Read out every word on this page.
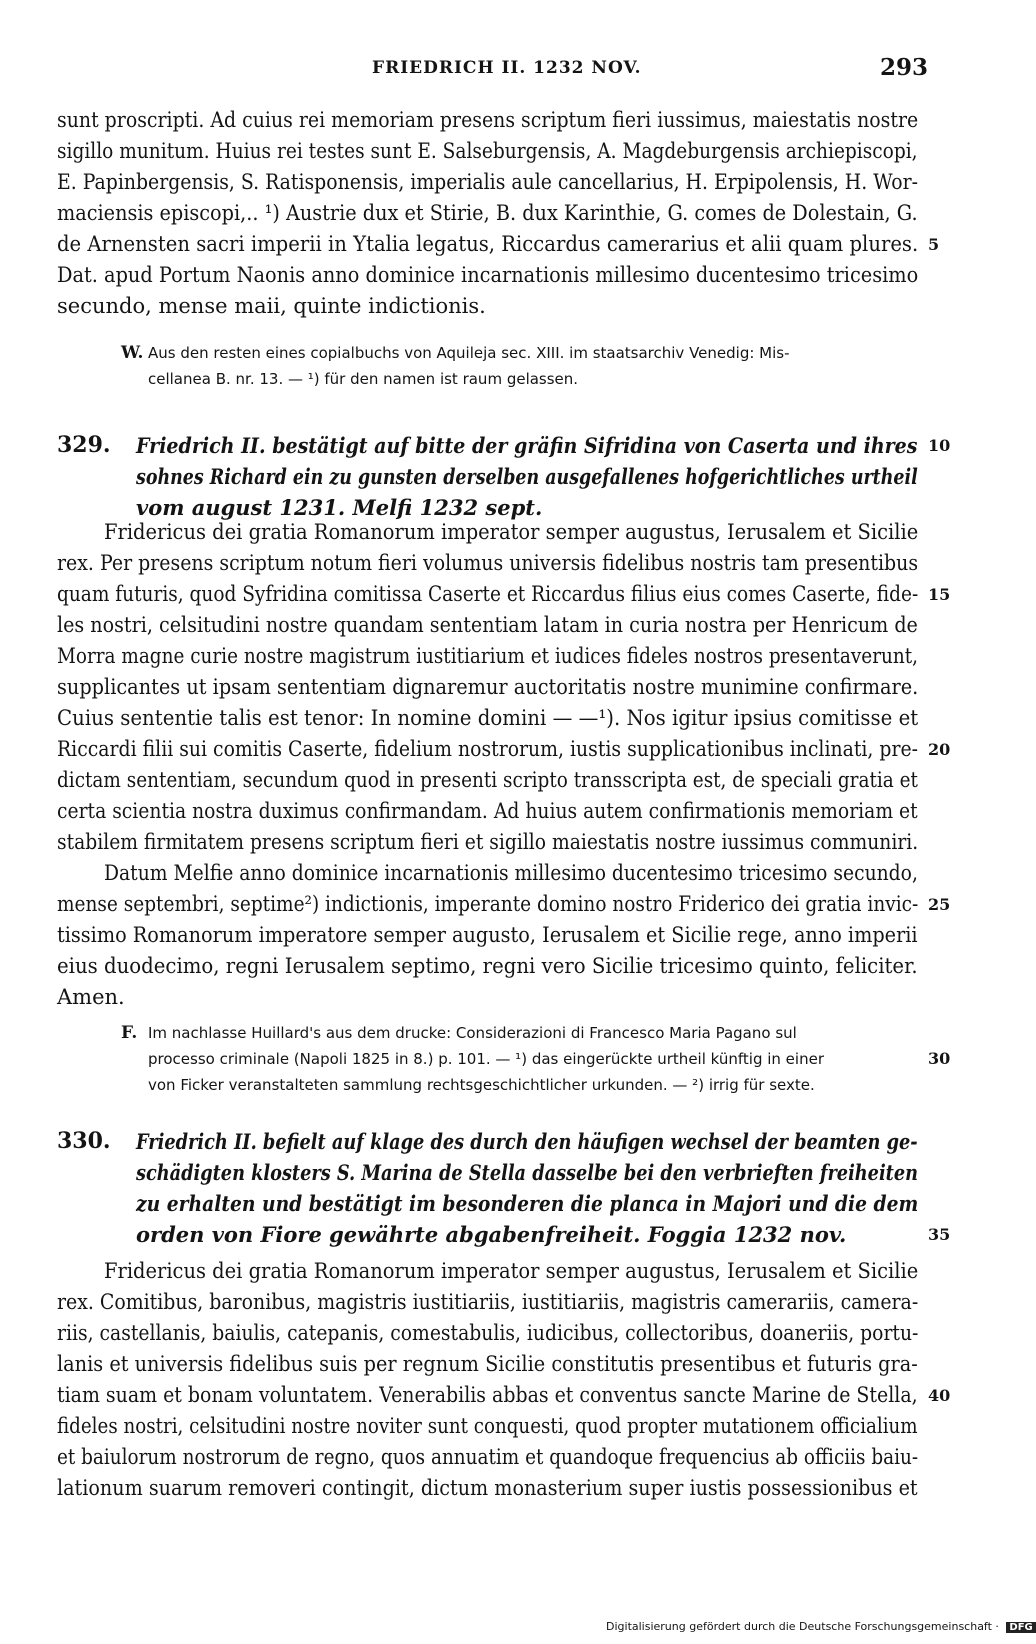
FRIEDRICH II. 1232 NOV.	293
sunt proscripti. Ad cuius rei memoriam presens scriptum fieri iussimus, maiestatis nostre
sigillo munitum. Huius rei testes sunt E. Salseburgensis, A. Magdeburgensis archiepiscopi,
E. Papinbergensis, S. Ratisponensis, imperialis aule cancellarius, H. Erpipolensis, H. Wor-
maciensis episcopi,.. ¹) Austrie dux et Stirie, B. dux Karinthie, G. comes de Dolestain, G.
de Arnensten sacri imperii in Ytalia legatus, Riccardus camerarius et alii quam plures. 5
Dat. apud Portum Naonis anno dominice incarnationis millesimo ducentesimo tricesimo
secundo, mense maii, quinte indictionis.
W. Aus den resten eines copialbuchs von Aquileja sec. XIII. im staatsarchiv Venedig: Mis-
cellanea B. nr. 13. — ¹) für den namen ist raum gelassen.
329. Friedrich II. bestätigt auf bitte der gräfin Sifridina von Caserta und ihres 10
sohnes Richard ein zu gunsten derselben ausgefallenes hofgerichtliches urtheil
vom august 1231. Melfi 1232 sept.
Fridericus dei gratia Romanorum imperator semper augustus, Ierusalem et Sicilie
rex. Per presens scriptum notum fieri volumus universis fidelibus nostris tam presentibus
quam futuris, quod Syfridina comitissa Caserte et Riccardus filius eius comes Caserte, fide- 15
les nostri, celsitudini nostre quandam sententiam latam in curia nostra per Henricum de
Morra magne curie nostre magistrum iustitiarium et iudices fideles nostros presentaverunt,
supplicantes ut ipsam sententiam dignaremur auctoritatis nostre munimine confirmare.
Cuius sententie talis est tenor: In nomine domini — —¹). Nos igitur ipsius comitisse et
Riccardi filii sui comitis Caserte, fidelium nostrorum, iustis supplicationibus inclinati, pre- 20
dictam sententiam, secundum quod in presenti scripto transscripta est, de speciali gratia et
certa scientia nostra duximus confirmandam. Ad huius autem confirmationis memoriam et
stabilem firmitatem presens scriptum fieri et sigillo maiestatis nostre iussimus communiri.
Datum Melfie anno dominice incarnationis millesimo ducentesimo tricesimo secundo,
mense septembri, septime²) indictionis, imperante domino nostro Friderico dei gratia invic- 25
tissimo Romanorum imperatore semper augusto, Ierusalem et Sicilie rege, anno imperii
eius duodecimo, regni Ierusalem septimo, regni vero Sicilie tricesimo quinto, feliciter.
Amen.
F. Im nachlasse Huillard's aus dem drucke: Considerazioni di Francesco Maria Pagano sul
processo criminale (Napoli 1825 in 8.) p. 101. — ¹) das eingerückte urtheil künftig in einer	30
von Ficker veranstalteten sammlung rechtsgeschichtlicher urkunden. — ²) irrig für sexte.
330. Friedrich II. befielt auf klage des durch den häufigen wechsel der beamten ge-
schädigten klosters S. Marina de Stella dasselbe bei den verbrieften freiheiten
zu erhalten und bestätigt im besonderen die planca in Majori und die dem
orden von Fiore gewährte abgabenfreiheit. Foggia 1232 nov.	35
Fridericus dei gratia Romanorum imperator semper augustus, Ierusalem et Sicilie
rex. Comitibus, baronibus, magistris iustitiariis, iustitiariis, magistris camerariis, camera-
riis, castellanis, baiulis, catepanis, comestabulis, iudicibus, collectoribus, doaneriis, portu-
lanis et universis fidelibus suis per regnum Sicilie constitutis presentibus et futuris gra-
tiam suam et bonam voluntatem. Venerabilis abbas et conventus sancte Marine de Stella, 40
fideles nostri, celsitudini nostre noviter sunt conquesti, quod propter mutationem officialium
et baiulorum nostrorum de regno, quos annuatim et quandoque frequencius ab officiis baiu-
lationum suarum removeri contingit, dictum monasterium super iustis possessionibus et
Digitalisierung gefördert durch die Deutsche Forschungsgemeinschaft · DFG
